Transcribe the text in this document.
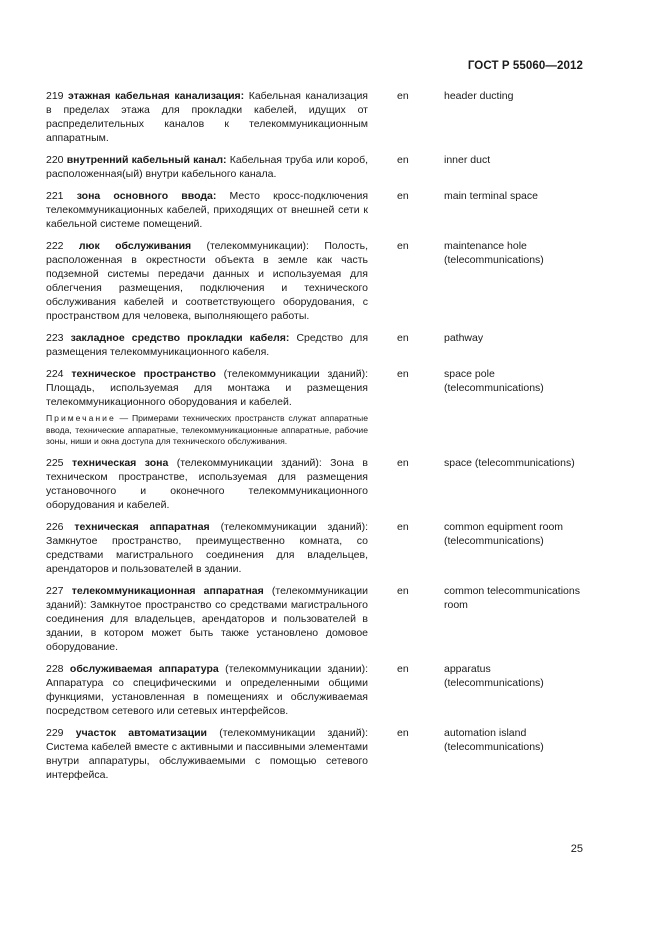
ГОСТ Р 55060—2012
219 этажная кабельная канализация: Кабельная канализация в пределах этажа для прокладки кабелей, идущих от распределительных каналов к телекоммуникационным аппаратным.
en	header ducting
220 внутренний кабельный канал: Кабельная труба или короб, расположенная(ый) внутри кабельного канала.
en	inner duct
221 зона основного ввода: Место кросс-подключения телекоммуникационных кабелей, приходящих от внешней сети к кабельной системе помещений.
en	main terminal space
222 люк обслуживания (телекоммуникации): Полость, расположенная в окрестности объекта в земле как часть подземной системы передачи данных и используемая для облегчения размещения, подключения и технического обслуживания кабелей и соответствующего оборудования, с пространством для человека, выполняющего работы.
en	maintenance hole (telecommunications)
223 закладное средство прокладки кабеля: Средство для размещения телекоммуникационного кабеля.
en	pathway
224 техническое пространство (телекоммуникации зданий): Площадь, используемая для монтажа и размещения телекоммуникационного оборудования и кабелей.
Примечание — Примерами технических пространств служат аппаратные ввода, технические аппаратные, телекоммуникационные аппаратные, рабочие зоны, ниши и окна доступа для технического обслуживания.
en	space pole (telecommunications)
225 техническая зона (телекоммуникации зданий): Зона в техническом пространстве, используемая для размещения установочного и оконечного телекоммуникационного оборудования и кабелей.
en	space (telecommunications)
226 техническая аппаратная (телекоммуникации зданий): Замкнутое пространство, преимущественно комната, со средствами магистрального соединения для владельцев, арендаторов и пользователей в здании.
en	common equipment room (telecommunications)
227 телекоммуникационная аппаратная (телекоммуникации зданий): Замкнутое пространство со средствами магистрального соединения для владельцев, арендаторов и пользователей в здании, в котором может быть также установлено домовое оборудование.
en	common telecommunications room
228 обслуживаемая аппаратура (телекоммуникации здании): Аппаратура со специфическими и определенными общими функциями, установленная в помещениях и обслуживаемая посредством сетевого или сетевых интерфейсов.
en	apparatus (telecommunications)
229 участок автоматизации (телекоммуникации зданий): Система кабелей вместе с активными и пассивными элементами внутри аппаратуры, обслуживаемыми с помощью сетевого интерфейса.
en	automation island (telecommunications)
25
